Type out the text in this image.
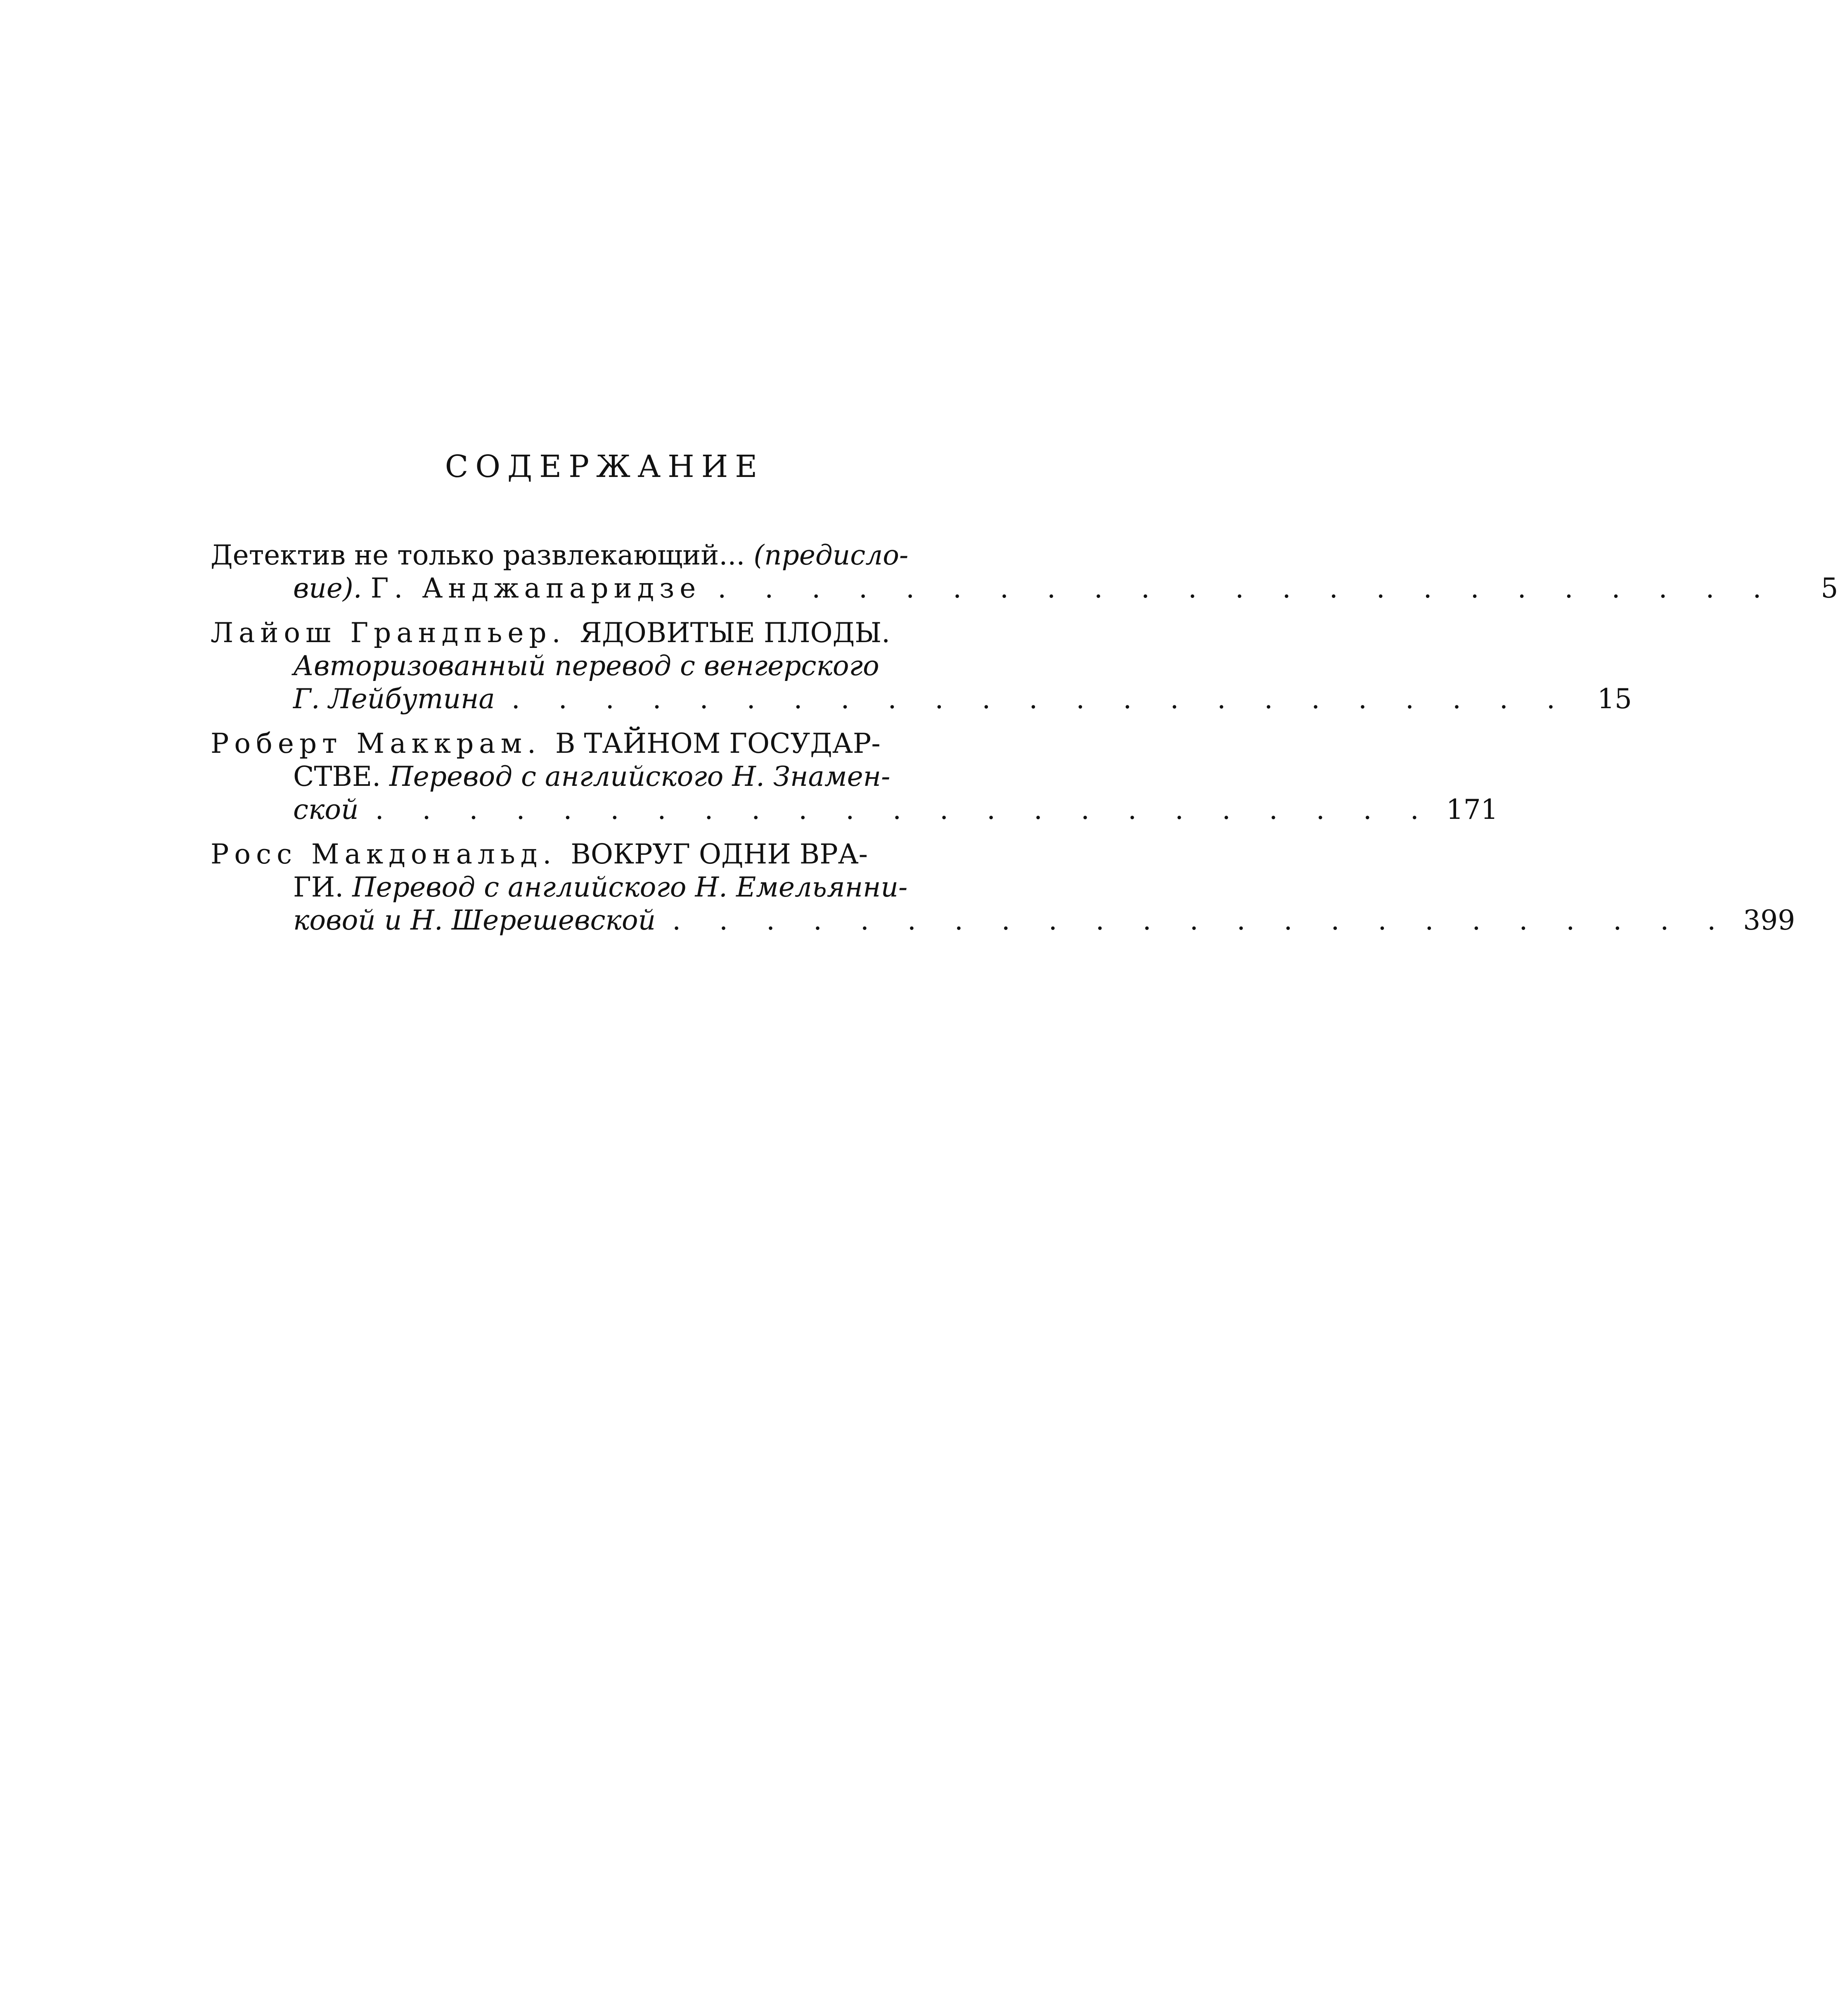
СОДЕРЖАНИЕ
Детектив не только развлекающий... (предисло-
вие). Г. Анджапаридзе . . . . . . . . . . . . . . . . . . . . . . .	5
Лайош Грандпьер. ЯДОВИТЫЕ ПЛОДЫ.
Авторизованный перевод с венгерского
Г. Лейбутина . . . . . . . . . . . . . . . . . . . . . . .	15
Роберт Маккрам. В ТАЙНОМ ГОСУДАР-
СТВЕ. Перевод с английского Н. Знамен-
ской . . . . . . . . . . . . . . . . . . . . . . . 171
Росс Макдональд. ВОКРУГ ОДНИ ВРА-
ГИ. Перевод с английского Н. Емельянни-
ковой и Н. Шерешевской . . . . . . . . . . . . . . . . . . . . . . . 399
